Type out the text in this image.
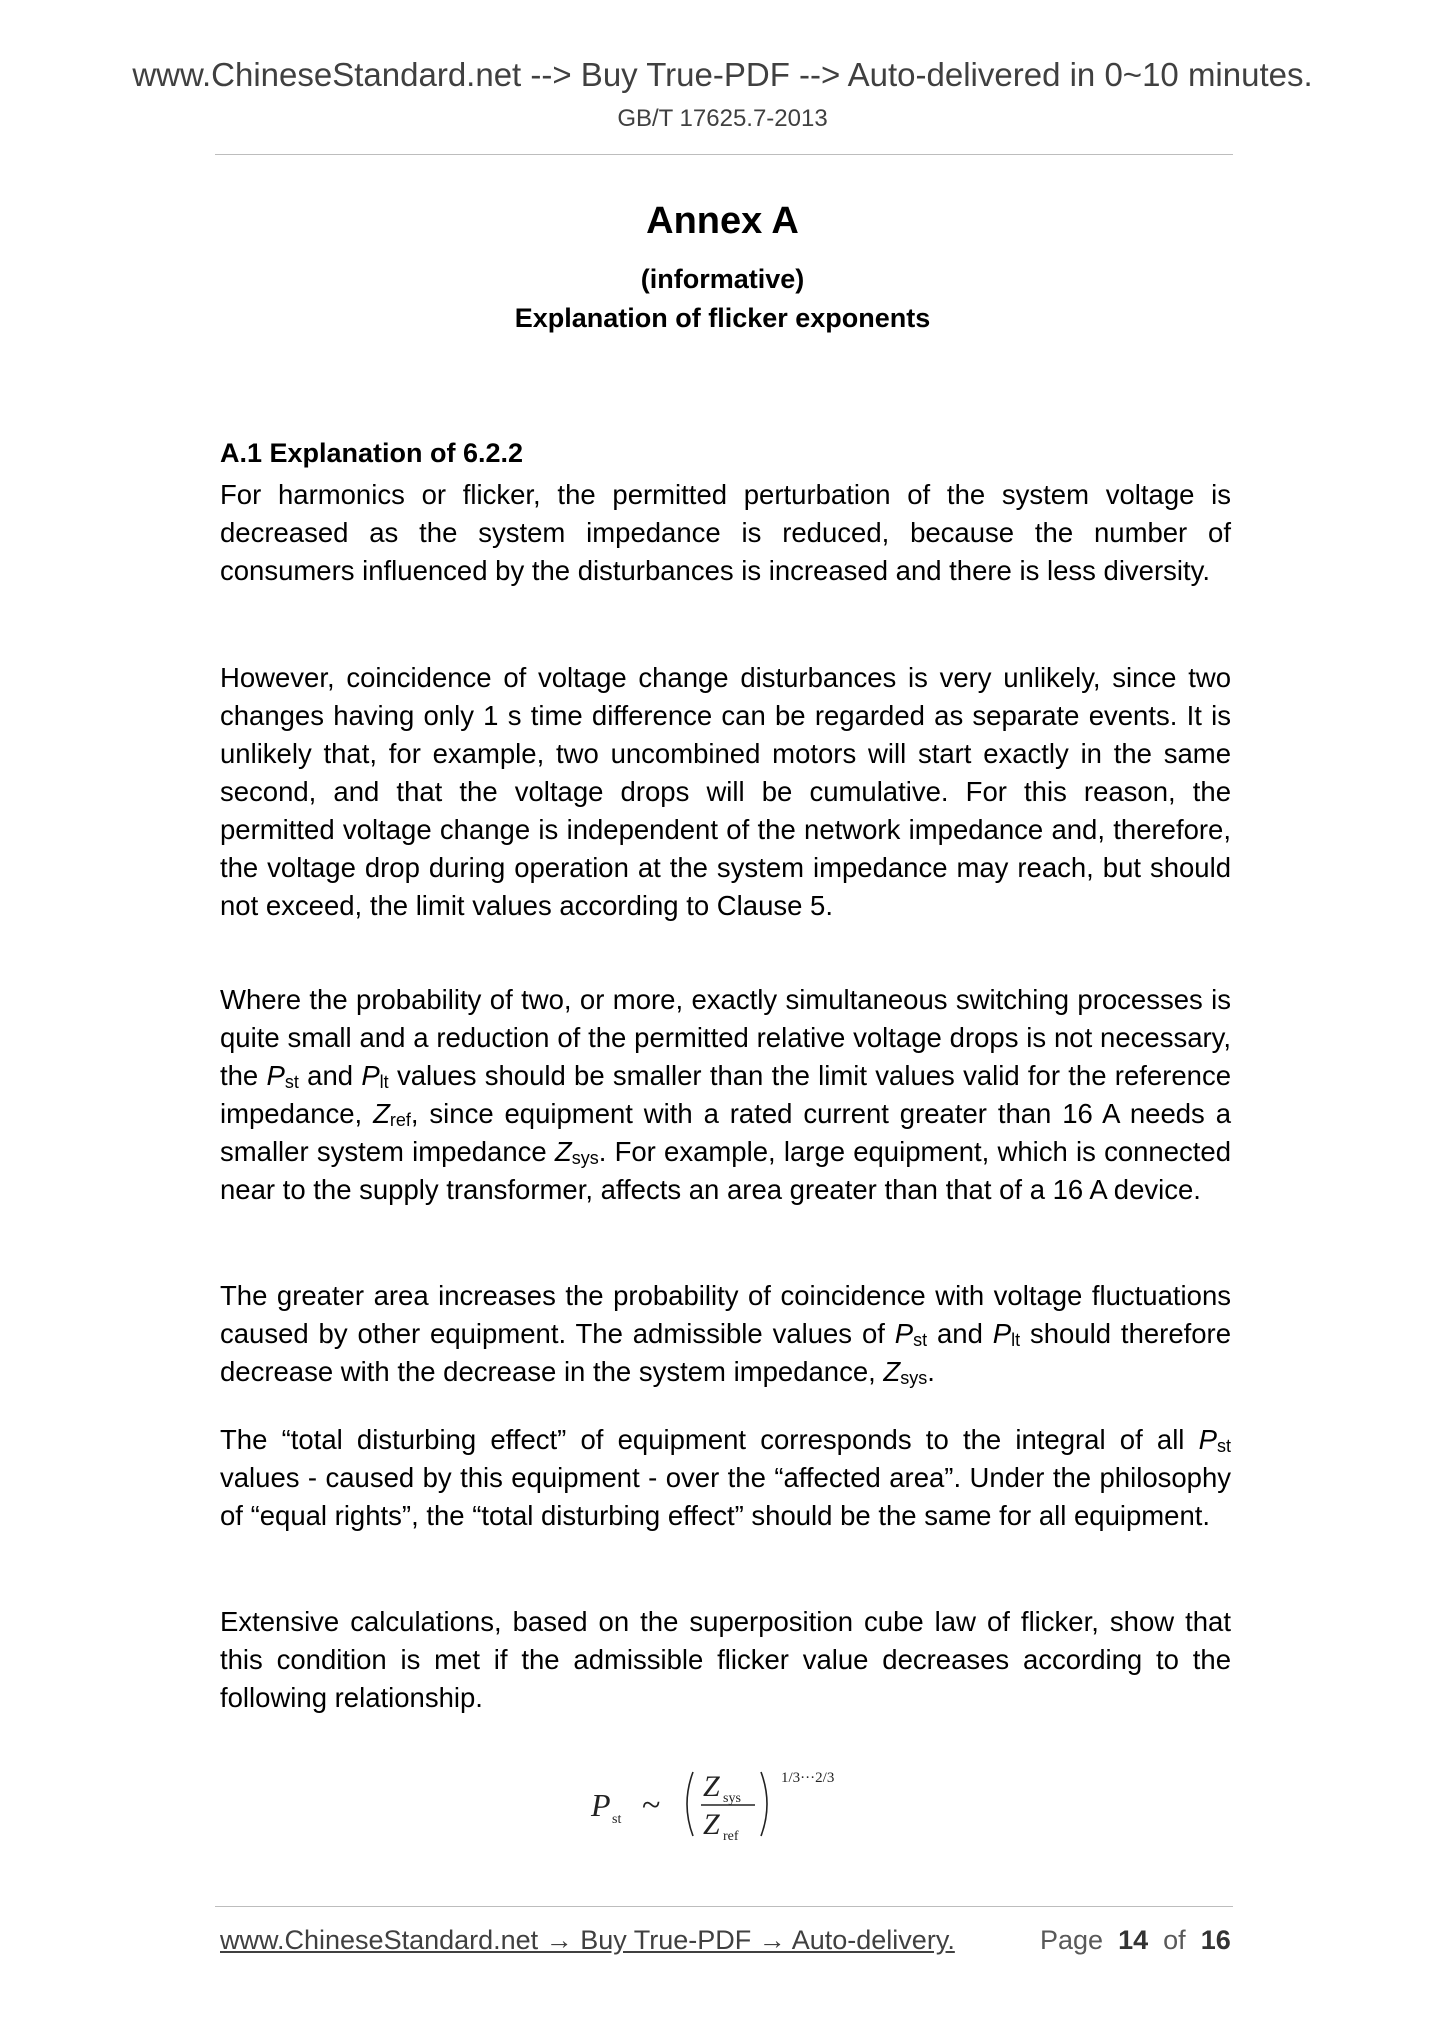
www.ChineseStandard.net --> Buy True-PDF --> Auto-delivered in 0~10 minutes.
GB/T 17625.7-2013
Annex A
(informative)
Explanation of flicker exponents
A.1 Explanation of 6.2.2

For harmonics or flicker, the permitted perturbation of the system voltage is decreased as the system impedance is reduced, because the number of consumers influenced by the disturbances is increased and there is less diversity.

However, coincidence of voltage change disturbances is very unlikely, since two changes having only 1 s time difference can be regarded as separate events. It is unlikely that, for example, two uncombined motors will start exactly in the same second, and that the voltage drops will be cumulative. For this reason, the permitted voltage change is independent of the network impedance and, therefore, the voltage drop during operation at the system impedance may reach, but should not exceed, the limit values according to Clause 5.

Where the probability of two, or more, exactly simultaneous switching processes is quite small and a reduction of the permitted relative voltage drops is not necessary, the $P_{st}$ and $P_{lt}$ values should be smaller than the limit values valid for the reference impedance, $Z_{ref}$, since equipment with a rated current greater than 16 A needs a smaller system impedance $Z_{sys}$. For example, large equipment, which is connected near to the supply transformer, affects an area greater than that of a 16 A device.

The greater area increases the probability of coincidence with voltage fluctuations caused by other equipment. The admissible values of $P_{st}$ and $P_{lt}$ should therefore decrease with the decrease in the system impedance, $Z_{sys}$.

The “total disturbing effect” of equipment corresponds to the integral of all $P_{st}$ values - caused by this equipment - over the “affected area”. Under the philosophy of “equal rights”, the “total disturbing effect” should be the same for all equipment.

Extensive calculations, based on the superposition cube law of flicker, show that this condition is met if the admissible flicker value decreases according to the following relationship.

P st ~
Z sys
Z ref
1/3···2/3
www.ChineseStandard.net → Buy True-PDF → Auto-delivery.	Page 14 of 16
